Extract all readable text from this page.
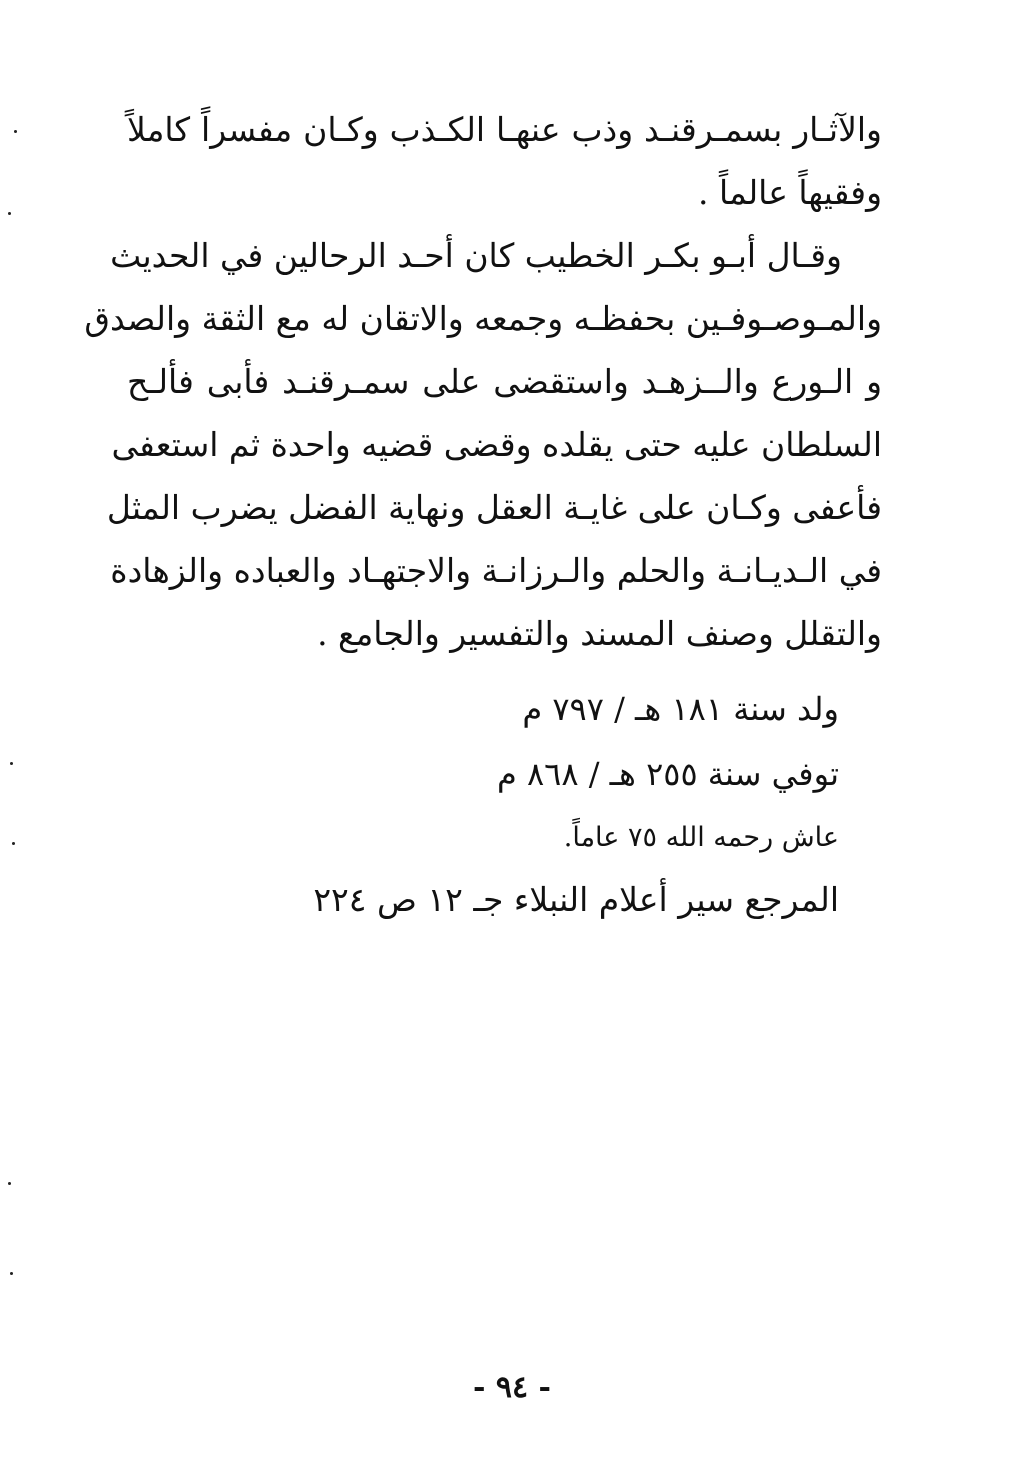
والآثـار بسمـرقنـد وذب عنهـا الكـذب وكـان مفسراً كاملاً
وفقيهاً عالماً .
وقـال أبـو بكـر الخطيب كان أحـد الرحالين في الحديث
والمـوصـوفـين بحفظـه وجمعه والاتقان له مع الثقة والصدق
و الـورع والــزهـد واستقضى على سمـرقنـد فأبى فألـح
السلطان عليه حتى يقلده وقضى قضيه واحدة ثم استعفى
فأعفى وكـان على غايـة العقل ونهاية الفضل يضرب المثل
في الـديـانـة والحلم والـرزانـة والاجتهـاد والعباده والزهادة
والتقلل وصنف المسند والتفسير والجامع .
ولد سنة ١٨١ هـ / ٧٩٧ م
توفي سنة ٢٥٥ هـ / ٨٦٨ م
عاش رحمه الله ٧٥ عاماً.
المرجع سير أعلام النبلاء جـ ١٢ ص ٢٢٤
- ٩٤ -
